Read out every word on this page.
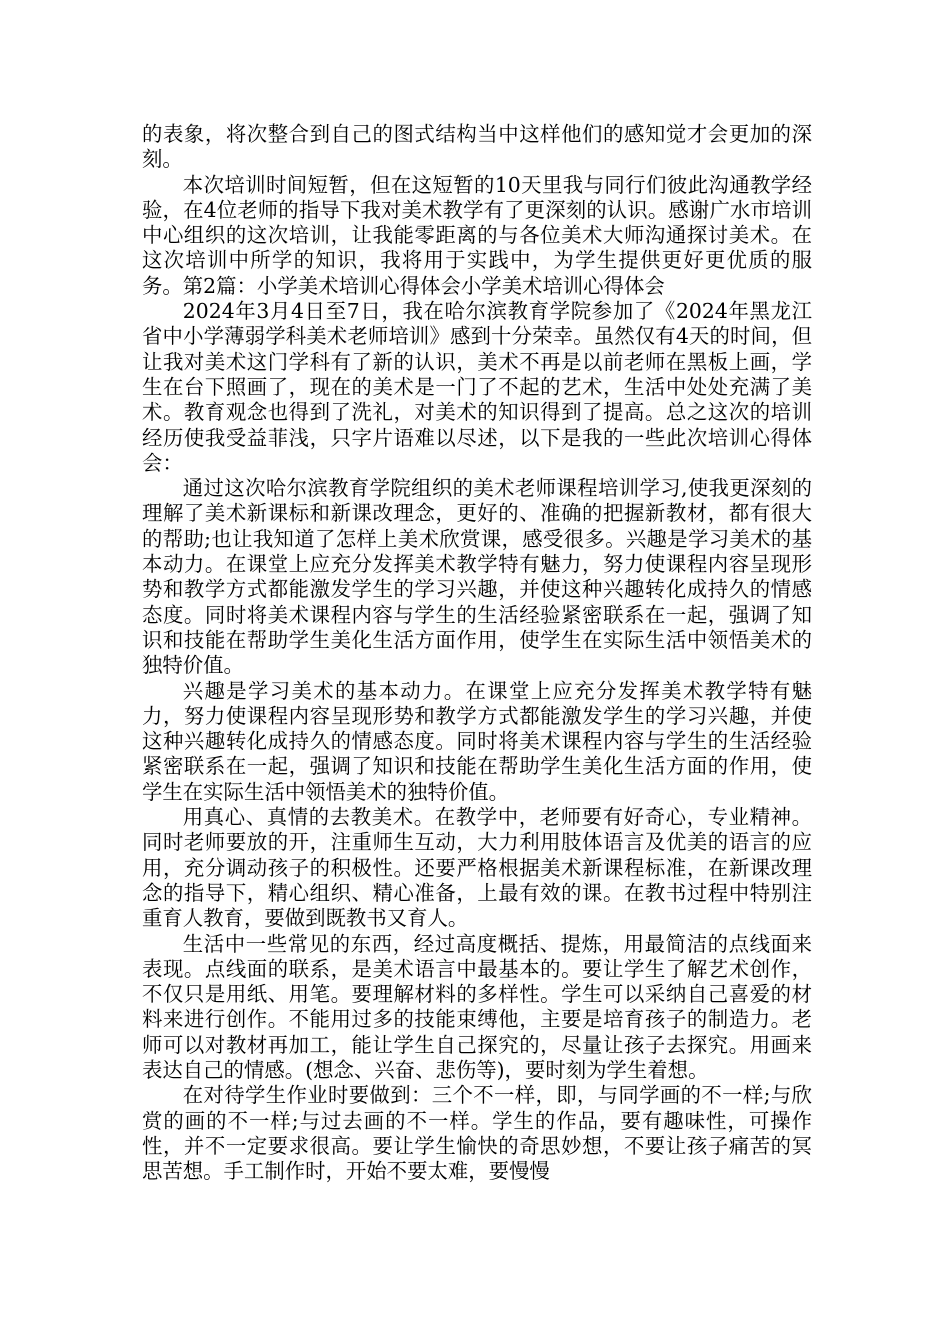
的表象，将次整合到自己的图式结构当中这样他们的感知觉才会更加的深刻。

本次培训时间短暂，但在这短暂的10天里我与同行们彼此沟通教学经验，在4位老师的指导下我对美术教学有了更深刻的认识。感谢广水市培训中心组织的这次培训，让我能零距离的与各位美术大师沟通探讨美术。在这次培训中所学的知识，我将用于实践中，为学生提供更好更优质的服务。第2篇：小学美术培训心得体会小学美术培训心得体会

2024年3月4日至7日，我在哈尔滨教育学院参加了《2024年黑龙江省中小学薄弱学科美术老师培训》感到十分荣幸。虽然仅有4天的时间，但让我对美术这门学科有了新的认识，美术不再是以前老师在黑板上画，学生在台下照画了，现在的美术是一门了不起的艺术，生活中处处充满了美术。教育观念也得到了洗礼，对美术的知识得到了提高。总之这次的培训经历使我受益菲浅，只字片语难以尽述，以下是我的一些此次培训心得体会：

通过这次哈尔滨教育学院组织的美术老师课程培训学习,使我更深刻的理解了美术新课标和新课改理念，更好的、准确的把握新教材，都有很大的帮助;也让我知道了怎样上美术欣赏课，感受很多。兴趣是学习美术的基本动力。在课堂上应充分发挥美术教学特有魅力，努力使课程内容呈现形势和教学方式都能激发学生的学习兴趣，并使这种兴趣转化成持久的情感态度。同时将美术课程内容与学生的生活经验紧密联系在一起，强调了知识和技能在帮助学生美化生活方面作用，使学生在实际生活中领悟美术的独特价值。

兴趣是学习美术的基本动力。在课堂上应充分发挥美术教学特有魅力，努力使课程内容呈现形势和教学方式都能激发学生的学习兴趣，并使这种兴趣转化成持久的情感态度。同时将美术课程内容与学生的生活经验紧密联系在一起，强调了知识和技能在帮助学生美化生活方面的作用，使学生在实际生活中领悟美术的独特价值。

用真心、真情的去教美术。在教学中，老师要有好奇心，专业精神。同时老师要放的开，注重师生互动，大力利用肢体语言及优美的语言的应用，充分调动孩子的积极性。还要严格根据美术新课程标准，在新课改理念的指导下，精心组织、精心准备，上最有效的课。在教书过程中特别注重育人教育，要做到既教书又育人。

生活中一些常见的东西，经过高度概括、提炼，用最简洁的点线面来表现。点线面的联系，是美术语言中最基本的。要让学生了解艺术创作，不仅只是用纸、用笔。要理解材料的多样性。学生可以采纳自己喜爱的材料来进行创作。不能用过多的技能束缚他，主要是培育孩子的制造力。老师可以对教材再加工，能让学生自己探究的，尽量让孩子去探究。用画来表达自己的情感。(想念、兴奋、悲伤等)，要时刻为学生着想。

在对待学生作业时要做到：三个不一样，即，与同学画的不一样;与欣赏的画的不一样;与过去画的不一样。学生的作品，要有趣味性，可操作性，并不一定要求很高。要让学生愉快的奇思妙想，不要让孩子痛苦的冥思苦想。手工制作时，开始不要太难，要慢慢
